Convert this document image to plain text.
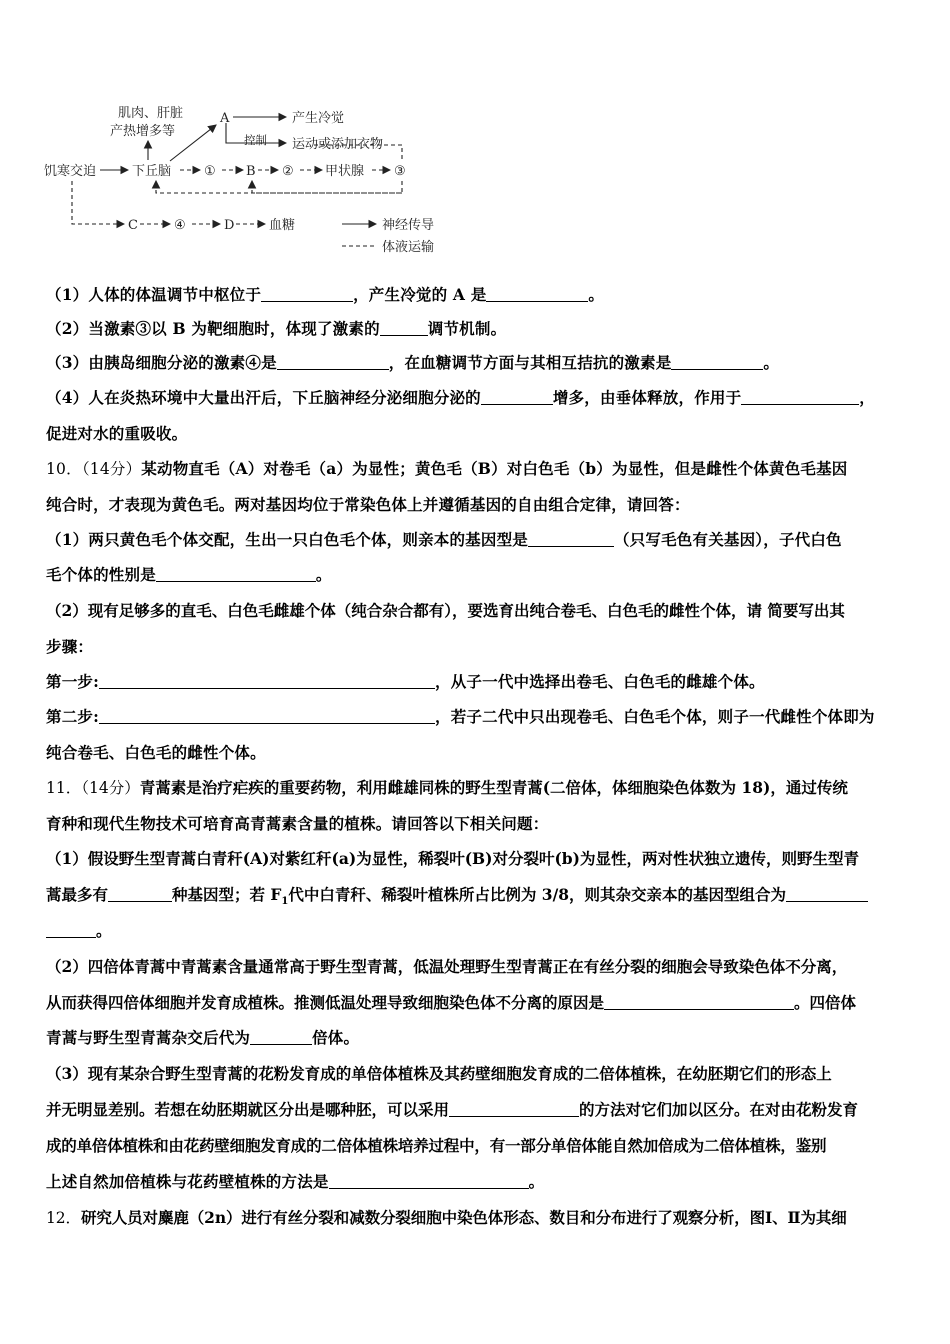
肌肉、肝脏
产热增多等
A	产生冷觉
控制 运动或添加衣物
饥寒交迫	下丘脑	① B ② 甲状腺 ③
C	④	D	血糖	神经传导
体液运输
（1）人体的体温调节中枢位于	，产生冷觉的 A 是	。
（2）当激素③以 B 为靶细胞时，体现了激素的	调节机制。
（3）由胰岛细胞分泌的激素④是	，在血糖调节方面与其相互拮抗的激素是	。
（4）人在炎热环境中大量出汗后，下丘脑神经分泌细胞分泌的	增多，由垂体释放，作用于	，
促进对水的重吸收。
10．（14分）某动物直毛（A）对卷毛（a）为显性；黄色毛（B）对白色毛（b）为显性，但是雌性个体黄色毛基因
纯合时，才表现为黄色毛。两对基因均位于常染色体上并遵循基因的自由组合定律，请回答：
（1）两只黄色毛个体交配，生出一只白色毛个体，则亲本的基因型是	（只写毛色有关基因），子代白色
毛个体的性别是	。
（2）现有足够多的直毛、白色毛雌雄个体（纯合杂合都有），要选育出纯合卷毛、白色毛的雌性个体，请 简要写出其
步骤：
第一步:	，从子一代中选择出卷毛、白色毛的雌雄个体。
第二步:	，若子二代中只出现卷毛、白色毛个体，则子一代雌性个体即为
纯合卷毛、白色毛的雌性个体。
11．（14分）青蒿素是治疗疟疾的重要药物，利用雌雄同株的野生型青蒿(二倍体，体细胞染色体数为 18)，通过传统
育种和现代生物技术可培育高青蒿素含量的植株。请回答以下相关问题：
（1）假设野生型青蒿白青秆(A)对紫红秆(a)为显性，稀裂叶(B)对分裂叶(b)为显性，两对性状独立遗传，则野生型青
蒿最多有	种基因型；若 $F_1$代中白青秆、稀裂叶植株所占比例为 3/8，则其杂交亲本的基因型组合为
。
（2）四倍体青蒿中青蒿素含量通常高于野生型青蒿，低温处理野生型青蒿正在有丝分裂的细胞会导致染色体不分离，
从而获得四倍体细胞并发育成植株。推测低温处理导致细胞染色体不分离的原因是	。四倍体
青蒿与野生型青蒿杂交后代为	倍体。
（3）现有某杂合野生型青蒿的花粉发育成的单倍体植株及其药壁细胞发育成的二倍体植株，在幼胚期它们的形态上
并无明显差别。若想在幼胚期就区分出是哪种胚，可以采用	的方法对它们加以区分。在对由花粉发育
成的单倍体植株和由花药壁细胞发育成的二倍体植株培养过程中，有一部分单倍体能自然加倍成为二倍体植株，鉴别
上述自然加倍植株与花药壁植株的方法是	。
12．研究人员对麋鹿（2n）进行有丝分裂和减数分裂细胞中染色体形态、数目和分布进行了观察分析，图Ⅰ、Ⅱ为其细
